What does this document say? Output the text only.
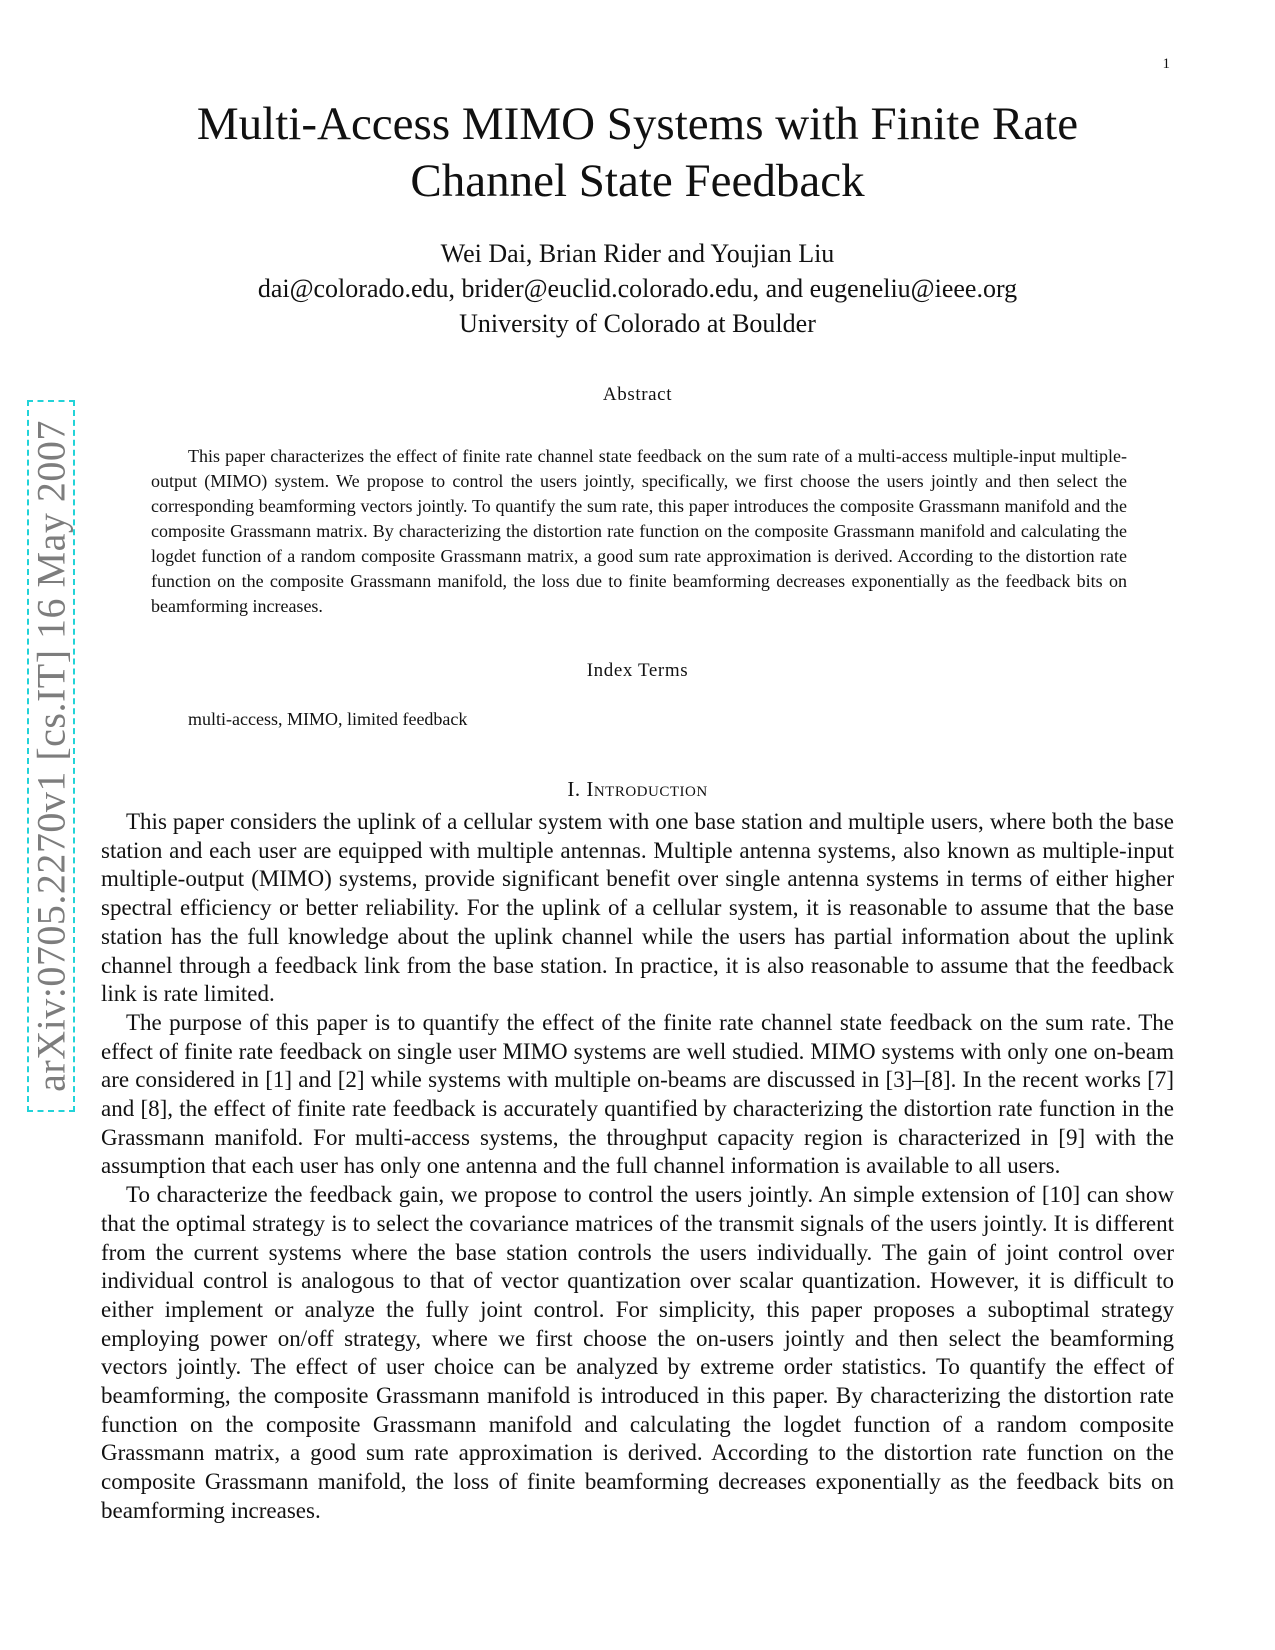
1
arXiv:0705.2270v1 [cs.IT] 16 May 2007
Multi-Access MIMO Systems with Finite Rate
Channel State Feedback
Wei Dai, Brian Rider and Youjian Liu
dai@colorado.edu, brider@euclid.colorado.edu, and eugeneliu@ieee.org
University of Colorado at Boulder
Abstract

This paper characterizes the effect of finite rate channel state feedback on the sum rate of a multi-access multiple-input multiple-output (MIMO) system. We propose to control the users jointly, specifically, we first choose the users jointly and then select the corresponding beamforming vectors jointly. To quantify the sum rate, this paper introduces the composite Grassmann manifold and the composite Grassmann matrix. By characterizing the distortion rate function on the composite Grassmann manifold and calculating the logdet function of a random composite Grassmann matrix, a good sum rate approximation is derived. According to the distortion rate function on the composite Grassmann manifold, the loss due to finite beamforming decreases exponentially as the feedback bits on beamforming increases.

Index Terms

multi-access, MIMO, limited feedback

I. Introduction

This paper considers the uplink of a cellular system with one base station and multiple users, where both the base station and each user are equipped with multiple antennas. Multiple antenna systems, also known as multiple-input multiple-output (MIMO) systems, provide significant benefit over single antenna systems in terms of either higher spectral efficiency or better reliability. For the uplink of a cellular system, it is reasonable to assume that the base station has the full knowledge about the uplink channel while the users has partial information about the uplink channel through a feedback link from the base station. In practice, it is also reasonable to assume that the feedback link is rate limited.

The purpose of this paper is to quantify the effect of the finite rate channel state feedback on the sum rate. The effect of finite rate feedback on single user MIMO systems are well studied. MIMO systems with only one on-beam are considered in [1] and [2] while systems with multiple on-beams are discussed in [3]–[8]. In the recent works [7] and [8], the effect of finite rate feedback is accurately quantified by characterizing the distortion rate function in the Grassmann manifold. For multi-access systems, the throughput capacity region is characterized in [9] with the assumption that each user has only one antenna and the full channel information is available to all users.

To characterize the feedback gain, we propose to control the users jointly. An simple extension of [10] can show that the optimal strategy is to select the covariance matrices of the transmit signals of the users jointly. It is different from the current systems where the base station controls the users individually. The gain of joint control over individual control is analogous to that of vector quantization over scalar quantization. However, it is difficult to either implement or analyze the fully joint control. For simplicity, this paper proposes a suboptimal strategy employing power on/off strategy, where we first choose the on-users jointly and then select the beamforming vectors jointly. The effect of user choice can be analyzed by extreme order statistics. To quantify the effect of beamforming, the composite Grassmann manifold is introduced in this paper. By characterizing the distortion rate function on the composite Grassmann manifold and calculating the logdet function of a random composite Grassmann matrix, a good sum rate approximation is derived. According to the distortion rate function on the composite Grassmann manifold, the loss of finite beamforming decreases exponentially as the feedback bits on beamforming increases.
